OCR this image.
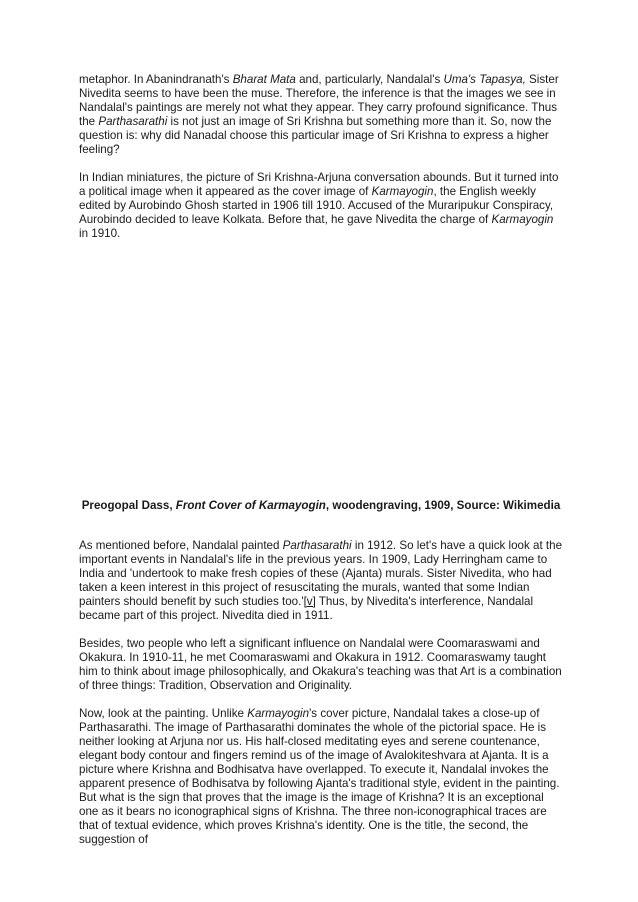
metaphor. In Abanindranath's Bharat Mata and, particularly, Nandalal's Uma's Tapasya, Sister Nivedita seems to have been the muse. Therefore, the inference is that the images we see in Nandalal's paintings are merely not what they appear. They carry profound significance. Thus the Parthasarathi is not just an image of Sri Krishna but something more than it. So, now the question is: why did Nanadal choose this particular image of Sri Krishna to express a higher feeling?

In Indian miniatures, the picture of Sri Krishna-Arjuna conversation abounds. But it turned into a political image when it appeared as the cover image of Karmayogin, the English weekly edited by Aurobindo Ghosh started in 1906 till 1910. Accused of the Muraripukur Conspiracy, Aurobindo decided to leave Kolkata. Before that, he gave Nivedita the charge of Karmayogin in 1910.

Preogopal Dass, Front Cover of Karmayogin, woodengraving, 1909, Source: Wikimedia

As mentioned before, Nandalal painted Parthasarathi in 1912. So let's have a quick look at the important events in Nandalal's life in the previous years. In 1909, Lady Herringham came to India and 'undertook to make fresh copies of these (Ajanta) murals. Sister Nivedita, who had taken a keen interest in this project of resuscitating the murals, wanted that some Indian painters should benefit by such studies too.'[v] Thus, by Nivedita's interference, Nandalal became part of this project. Nivedita died in 1911.

Besides, two people who left a significant influence on Nandalal were Coomaraswami and Okakura. In 1910-11, he met Coomaraswami and Okakura in 1912. Coomaraswamy taught him to think about image philosophically, and Okakura's teaching was that Art is a combination of three things: Tradition, Observation and Originality.

Now, look at the painting. Unlike Karmayogin's cover picture, Nandalal takes a close-up of Parthasarathi. The image of Parthasarathi dominates the whole of the pictorial space. He is neither looking at Arjuna nor us. His half-closed meditating eyes and serene countenance, elegant body contour and fingers remind us of the image of Avalokiteshvara at Ajanta. It is a picture where Krishna and Bodhisatva have overlapped. To execute it, Nandalal invokes the apparent presence of Bodhisatva by following Ajanta's traditional style, evident in the painting. But what is the sign that proves that the image is the image of Krishna? It is an exceptional one as it bears no iconographical signs of Krishna. The three non-iconographical traces are that of textual evidence, which proves Krishna's identity. One is the title, the second, the suggestion of
